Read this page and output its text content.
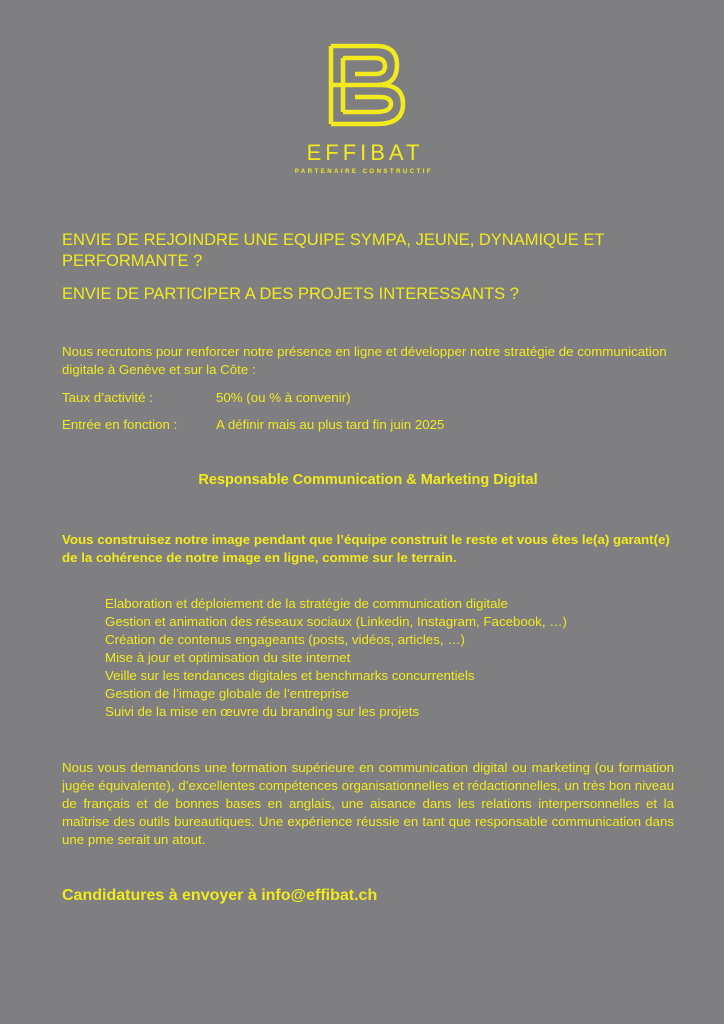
EFFIBAT
PARTENAIRE CONSTRUCTIF

ENVIE DE REJOINDRE UNE EQUIPE SYMPA, JEUNE, DYNAMIQUE ET PERFORMANTE ?

ENVIE DE PARTICIPER A DES PROJETS INTERESSANTS ?

Nous recrutons pour renforcer notre présence en ligne et développer notre stratégie de communication digitale à Genève et sur la Côte :

Taux d’activité :	50% (ou % à convenir)
Entrée en fonction :	A définir mais au plus tard fin juin 2025
Responsable Communication & Marketing Digital

Vous construisez notre image pendant que l’équipe construit le reste et vous êtes le(a) garant(e) de la cohérence de notre image en ligne, comme sur le terrain.

Elaboration et déploiement de la stratégie de communication digitale
Gestion et animation des réseaux sociaux (Linkedin, Instagram, Facebook, …)
Création de contenus engageants (posts, vidéos, articles, …)
Mise à jour et optimisation du site internet
Veille sur les tendances digitales et benchmarks concurrentiels
Gestion de l’image globale de l’entreprise
Suivi de la mise en œuvre du branding sur les projets

Nous vous demandons une formation supérieure en communication digital ou marketing (ou formation jugée équivalente), d’excellentes compétences organisationnelles et rédactionnelles, un très bon niveau de français et de bonnes bases en anglais, une aisance dans les relations interpersonnelles et la maîtrise des outils bureautiques. Une expérience réussie en tant que responsable communication dans une pme serait un atout.

Candidatures à envoyer à info@effibat.ch
